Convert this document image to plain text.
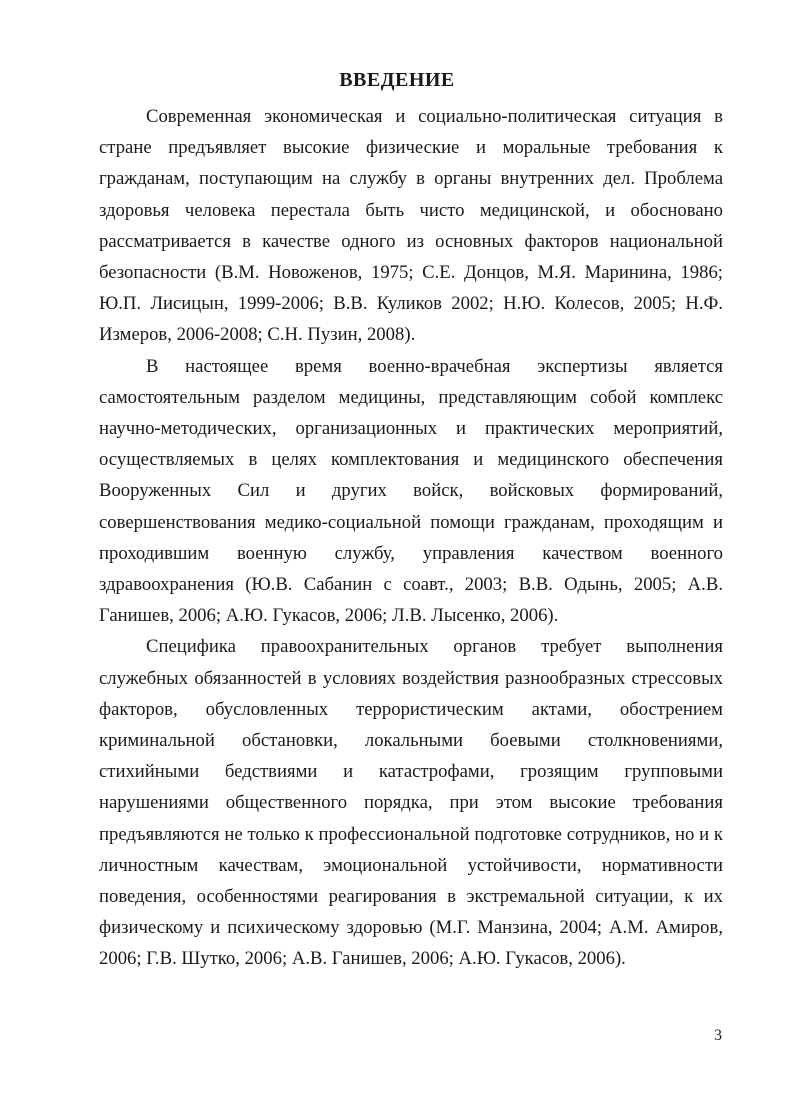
ВВЕДЕНИЕ

Современная экономическая и социально-политическая ситуация в стране предъявляет высокие физические и моральные требования к гражданам, поступающим на службу в органы внутренних дел. Проблема здоровья человека перестала быть чисто медицинской, и обосновано рассматривается в качестве одного из основных факторов национальной безопасности (В.М. Новоженов, 1975; С.Е. Донцов, М.Я. Маринина, 1986; Ю.П. Лисицын, 1999-2006; В.В. Куликов 2002; Н.Ю. Колесов, 2005; Н.Ф. Измеров, 2006-2008; С.Н. Пузин, 2008).

В настоящее время военно-врачебная экспертизы является самостоятельным разделом медицины, представляющим собой комплекс научно-методических, организационных и практических мероприятий, осуществляемых в целях комплектования и медицинского обеспечения Вооруженных Сил и других войск, войсковых формирований, совершенствования медико-социальной помощи гражданам, проходящим и проходившим военную службу, управления качеством военного здравоохранения (Ю.В. Сабанин с соавт., 2003; В.В. Одынь, 2005; А.В. Ганишев, 2006; А.Ю. Гукасов, 2006; Л.В. Лысенко, 2006).

Специфика правоохранительных органов требует выполнения служебных обязанностей в условиях воздействия разнообразных стрессовых факторов, обусловленных террористическим актами, обострением криминальной обстановки, локальными боевыми столкновениями, стихийными бедствиями и катастрофами, грозящим групповыми нарушениями общественного порядка, при этом высокие требования предъявляются не только к профессиональной подготовке сотрудников, но и к личностным качествам, эмоциональной устойчивости, нормативности поведения, особенностями реагирования в экстремальной ситуации, к их физическому и психическому здоровью (М.Г. Манзина, 2004; А.М. Амиров, 2006; Г.В. Шутко, 2006; А.В. Ганишев, 2006; А.Ю. Гукасов, 2006).

3
